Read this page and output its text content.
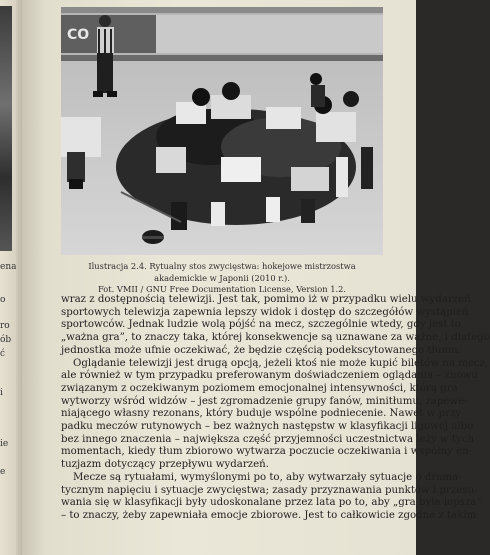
ena
o
ro
ób
ć
i
ie
e
CO
Ilustracja 2.4. Rytualny stos zwycięstwa: hokejowe mistrzostwa akademickie w Japonii (2010 r.).
Fot. VMII / GNU Free Documentation License, Version 1.2.
wraz z dostępnością telewizji. Jest tak, pomimo iż w przypadku wielu wydarzeń
sportowych telewizja zapewnia lepszy widok i dostęp do szczegółów wystąpień
sportowców. Jednak ludzie wolą pójść na mecz, szczególnie wtedy, gdy jest to
„ważna gra”, to znaczy taka, której konsekwencje są uznawane za ważne, i dlatego
jednostka może ufnie oczekiwać, że będzie częścią podekscytowanego tłumu.
Oglądanie telewizji jest drugą opcją, jeżeli ktoś nie może kupić biletów na mecz,
ale również w tym przypadku preferowanym doświadczeniem oglądania – znowu
związanym z oczekiwanym poziomem emocjonalnej intensywności, którą gra
wytworzy wśród widzów – jest zgromadzenie grupy fanów, minitłumu, zapewe-
niającego własny rezonans, który buduje wspólne podniecenie. Nawet w przy-
padku meczów rutynowych – bez ważnych następstw w klasyfikacji ligowej albo
bez innego znaczenia – największa część przyjemności uczestnictwa leży w tych
momentach, kiedy tłum zbiorowo wytwarza poczucie oczekiwania i wspólny en-
tuzjazm dotyczący przepływu wydarzeń.
Mecze są rytuałami, wymyślonymi po to, aby wytwarzały sytuacje o drama-
tycznym napięciu i sytuacje zwycięstwa; zasady przyznawania punktów i przesu-
wania się w klasyfikacji były udoskonalane przez lata po to, aby „gra była lepsza”
– to znaczy, żeby zapewniała emocje zbiorowe. Jest to całkowicie zgodne z takim
